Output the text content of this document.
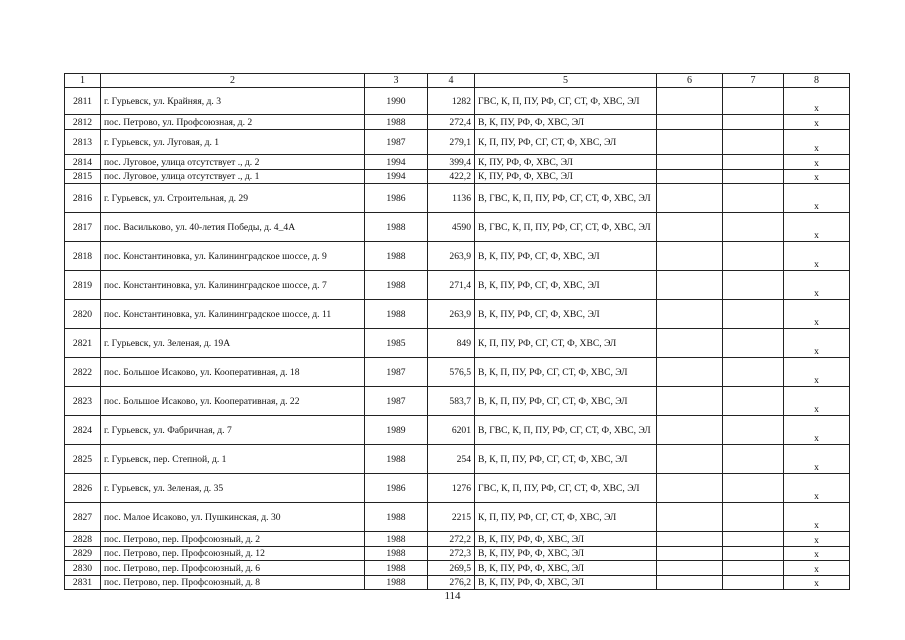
1	2	3	4	5	6	7	8
2811	г. Гурьевск, ул. Крайняя, д. 3	1990	1282	ГВС, К, П, ПУ, РФ, СГ, СТ, Ф, ХВС, ЭЛ			х
2812	пос. Петрово, ул. Профсоюзная, д. 2	1988	272,4	В, К, ПУ, РФ, Ф, ХВС, ЭЛ			х
2813	г. Гурьевск, ул. Луговая, д. 1	1987	279,1	К, П, ПУ, РФ, СГ, СТ, Ф, ХВС, ЭЛ			х
2814	пос. Луговое, улица отсутствует ., д. 2	1994	399,4	К, ПУ, РФ, Ф, ХВС, ЭЛ			х
2815	пос. Луговое, улица отсутствует ., д. 1	1994	422,2	К, ПУ, РФ, Ф, ХВС, ЭЛ			х
2816	г. Гурьевск, ул. Строительная, д. 29	1986	1136	В, ГВС, К, П, ПУ, РФ, СГ, СТ, Ф, ХВС, ЭЛ			х
2817	пос. Васильково, ул. 40-летия Победы, д. 4_4А	1988	4590	В, ГВС, К, П, ПУ, РФ, СГ, СТ, Ф, ХВС, ЭЛ			х
2818	пос. Константиновка, ул. Калининградское шоссе, д. 9	1988	263,9	В, К, ПУ, РФ, СГ, Ф, ХВС, ЭЛ			х
2819	пос. Константиновка, ул. Калининградское шоссе, д. 7	1988	271,4	В, К, ПУ, РФ, СГ, Ф, ХВС, ЭЛ			х
2820	пос. Константиновка, ул. Калининградское шоссе, д. 11	1988	263,9	В, К, ПУ, РФ, СГ, Ф, ХВС, ЭЛ			х
2821	г. Гурьевск, ул. Зеленая, д. 19А	1985	849	К, П, ПУ, РФ, СГ, СТ, Ф, ХВС, ЭЛ			х
2822	пос. Большое Исаково, ул. Кооперативная, д. 18	1987	576,5	В, К, П, ПУ, РФ, СГ, СТ, Ф, ХВС, ЭЛ			х
2823	пос. Большое Исаково, ул. Кооперативная, д. 22	1987	583,7	В, К, П, ПУ, РФ, СГ, СТ, Ф, ХВС, ЭЛ			х
2824	г. Гурьевск, ул. Фабричная, д. 7	1989	6201	В, ГВС, К, П, ПУ, РФ, СГ, СТ, Ф, ХВС, ЭЛ			х
2825	г. Гурьевск, пер. Степной, д. 1	1988	254	В, К, П, ПУ, РФ, СГ, СТ, Ф, ХВС, ЭЛ			х
2826	г. Гурьевск, ул. Зеленая, д. 35	1986	1276	ГВС, К, П, ПУ, РФ, СГ, СТ, Ф, ХВС, ЭЛ			х
2827	пос. Малое Исаково, ул. Пушкинская, д. 30	1988	2215	К, П, ПУ, РФ, СГ, СТ, Ф, ХВС, ЭЛ			х
2828	пос. Петрово, пер. Профсоюзный, д. 2	1988	272,2	В, К, ПУ, РФ, Ф, ХВС, ЭЛ			х
2829	пос. Петрово, пер. Профсоюзный, д. 12	1988	272,3	В, К, ПУ, РФ, Ф, ХВС, ЭЛ			х
2830	пос. Петрово, пер. Профсоюзный, д. 6	1988	269,5	В, К, ПУ, РФ, Ф, ХВС, ЭЛ			х
2831	пос. Петрово, пер. Профсоюзный, д. 8	1988	276,2	В, К, ПУ, РФ, Ф, ХВС, ЭЛ			х
114
